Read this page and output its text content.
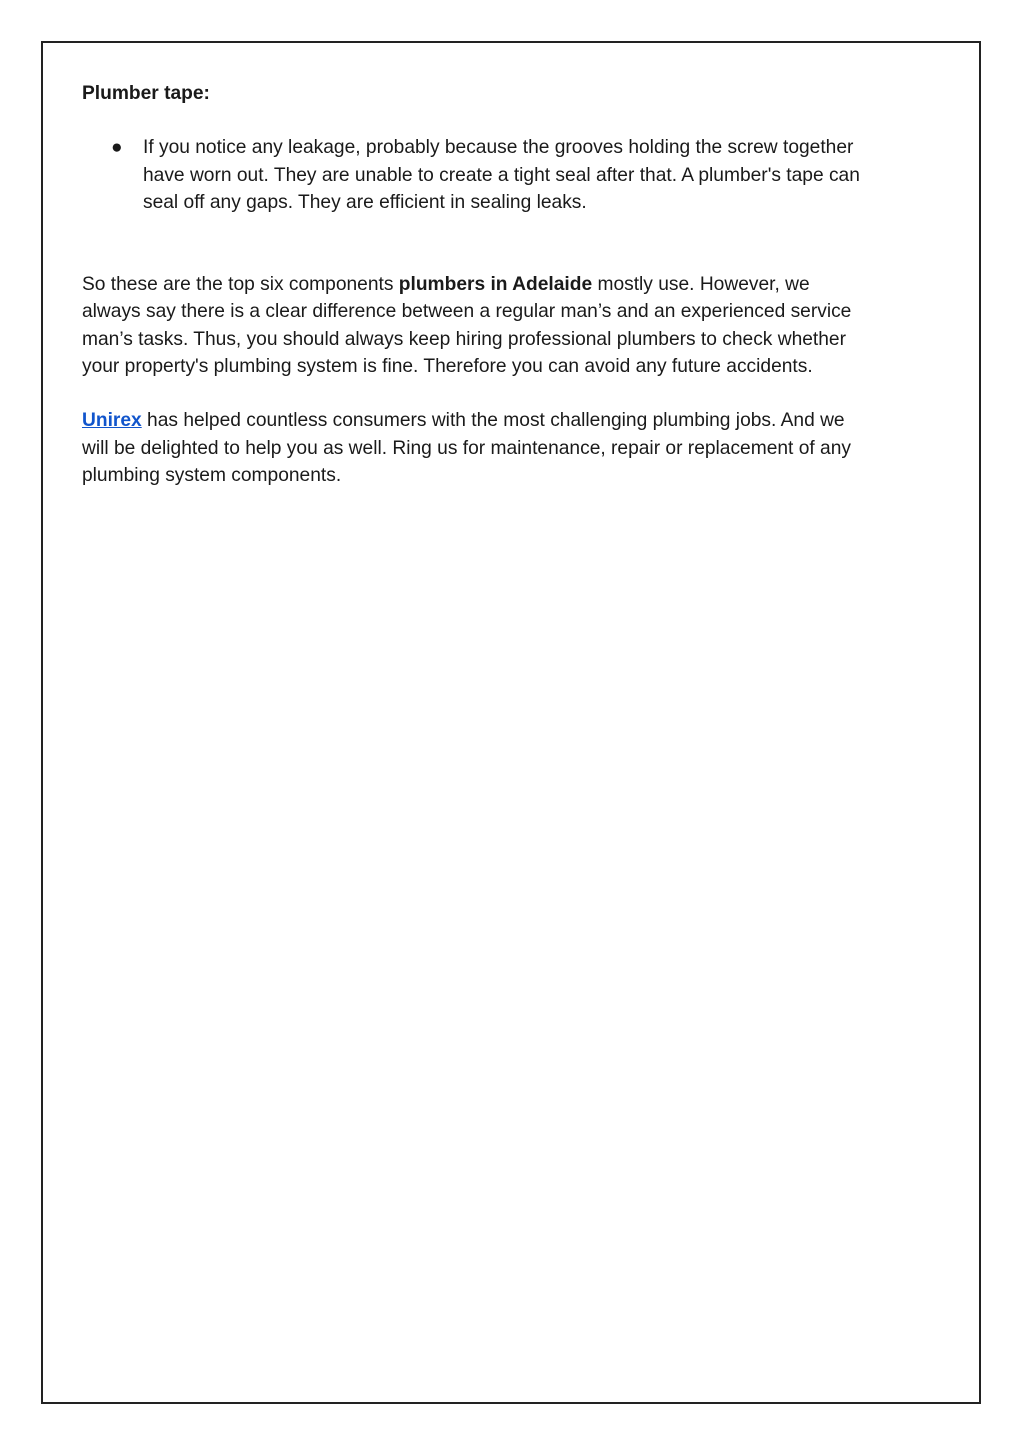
Plumber tape:

● If you notice any leakage, probably because the grooves holding the screw together have worn out. They are unable to create a tight seal after that. A plumber's tape can seal off any gaps. They are efficient in sealing leaks.

So these are the top six components plumbers in Adelaide mostly use. However, we always say there is a clear difference between a regular man’s and an experienced service man’s tasks. Thus, you should always keep hiring professional plumbers to check whether your property's plumbing system is fine. Therefore you can avoid any future accidents.

Unirex has helped countless consumers with the most challenging plumbing jobs. And we will be delighted to help you as well. Ring us for maintenance, repair or replacement of any plumbing system components.
